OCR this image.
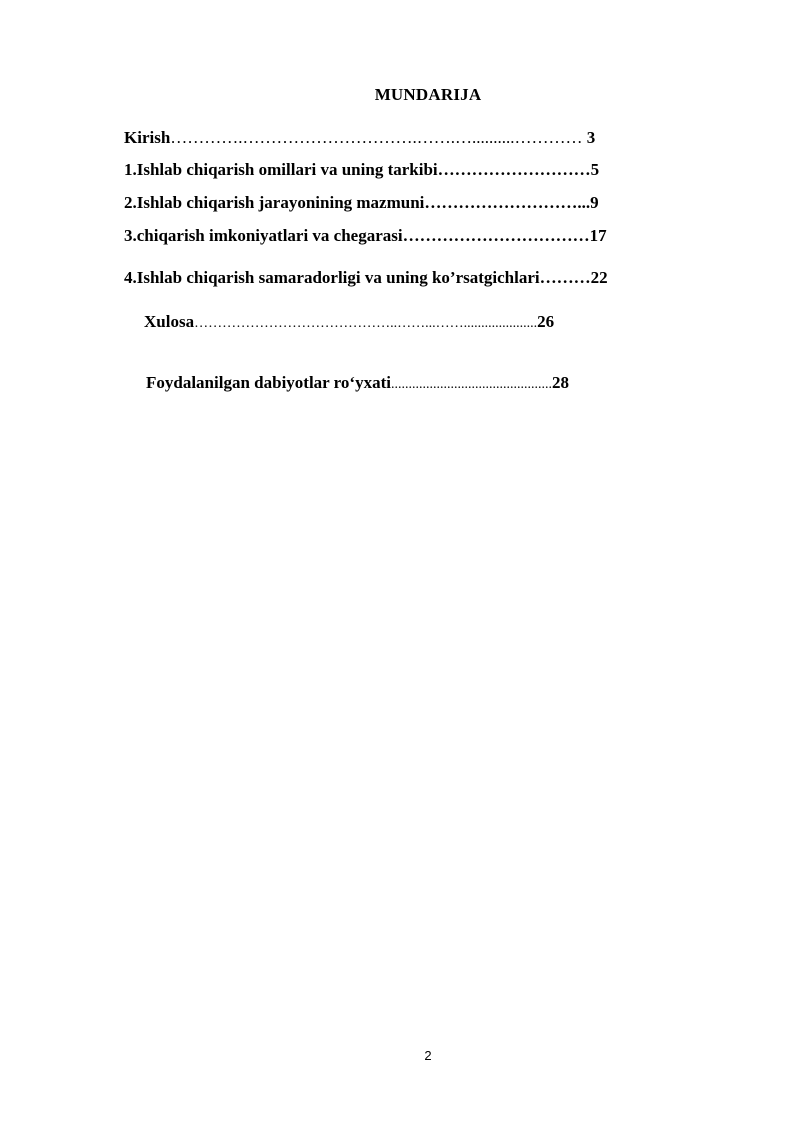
MUNDARIJA
Kirish………….………………………….…….…..........………… 3
1.Ishlab chiqarish omillari va uning tarkibi………………………5
2.Ishlab chiqarish jarayonining mazmuni………………………...9
3.chiqarish imkoniyatlari va chegarasi……………………………17
4.Ishlab chiqarish samaradorligi va uning ko’rsatgichlari………22
Xulosa……………………………………..……...…….....................26
Foydalanilgan dabiyotlar ro‘yxati..............................................28
2
